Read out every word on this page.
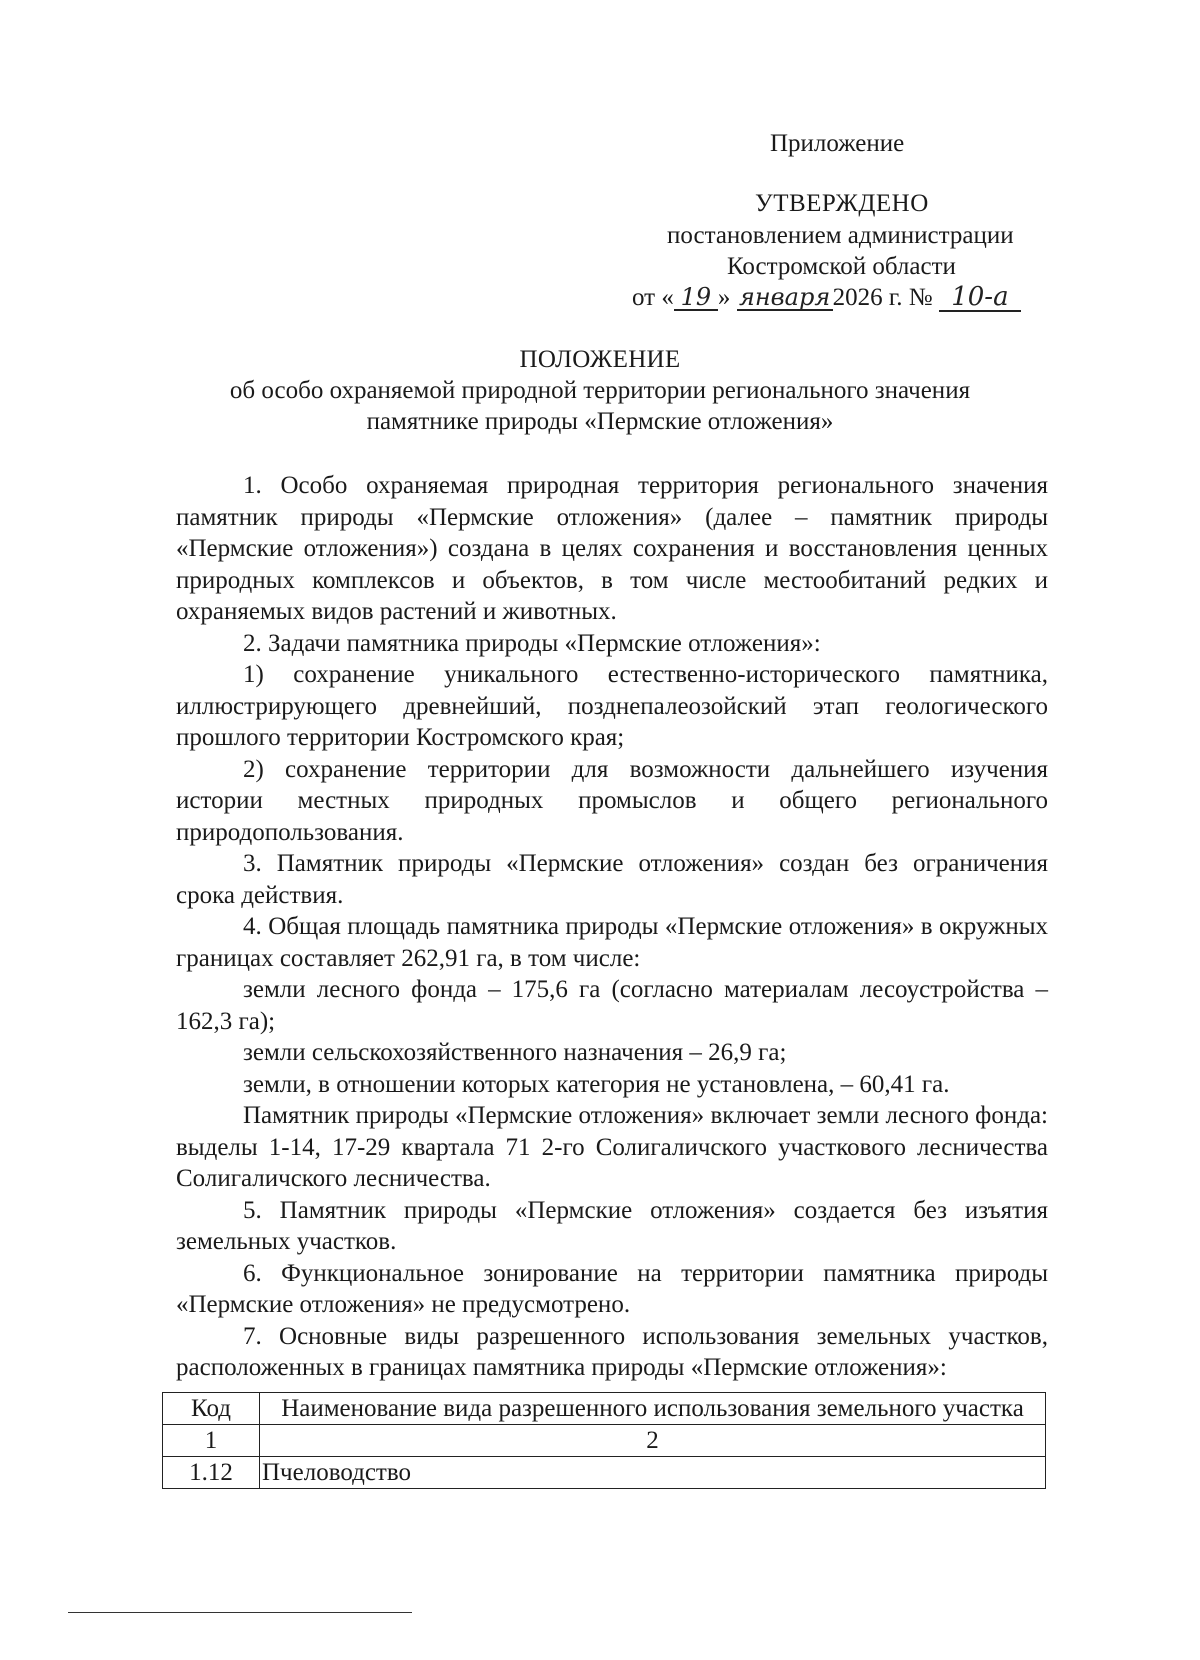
Приложение
УТВЕРЖДЕНО
постановлением администрации
Костромской области
от « 19 » января2026 г. № 10-а
ПОЛОЖЕНИЕ
об особо охраняемой природной территории регионального значения
памятнике природы «Пермские отложения»

1. Особо охраняемая природная территория регионального значения памятник природы «Пермские отложения» (далее – памятник природы «Пермские отложения») создана в целях сохранения и восстановления ценных природных комплексов и объектов, в том числе местообитаний редких и охраняемых видов растений и животных.

2. Задачи памятника природы «Пермские отложения»:

1) сохранение уникального естественно-исторического памятника, иллюстрирующего древнейший, позднепалеозойский этап геологического прошлого территории Костромского края;

2) сохранение территории для возможности дальнейшего изучения истории местных природных промыслов и общего регионального природопользования.

3. Памятник природы «Пермские отложения» создан без ограничения срока действия.

4. Общая площадь памятника природы «Пермские отложения» в окружных границах составляет 262,91 га, в том числе:

земли лесного фонда – 175,6 га (согласно материалам лесоустройства – 162,3 га);

земли сельскохозяйственного назначения – 26,9 га;

земли, в отношении которых категория не установлена, – 60,41 га.

Памятник природы «Пермские отложения» включает земли лесного фонда: выделы 1-14, 17-29 квартала 71 2-го Солигаличского участкового лесничества Солигаличского лесничества.

5. Памятник природы «Пермские отложения» создается без изъятия земельных участков.

6. Функциональное зонирование на территории памятника природы «Пермские отложения» не предусмотрено.

7. Основные виды разрешенного использования земельных участков, расположенных в границах памятника природы «Пермские отложения»:

Код	Наименование вида разрешенного использования земельного участка
1	2
1.12	Пчеловодство
